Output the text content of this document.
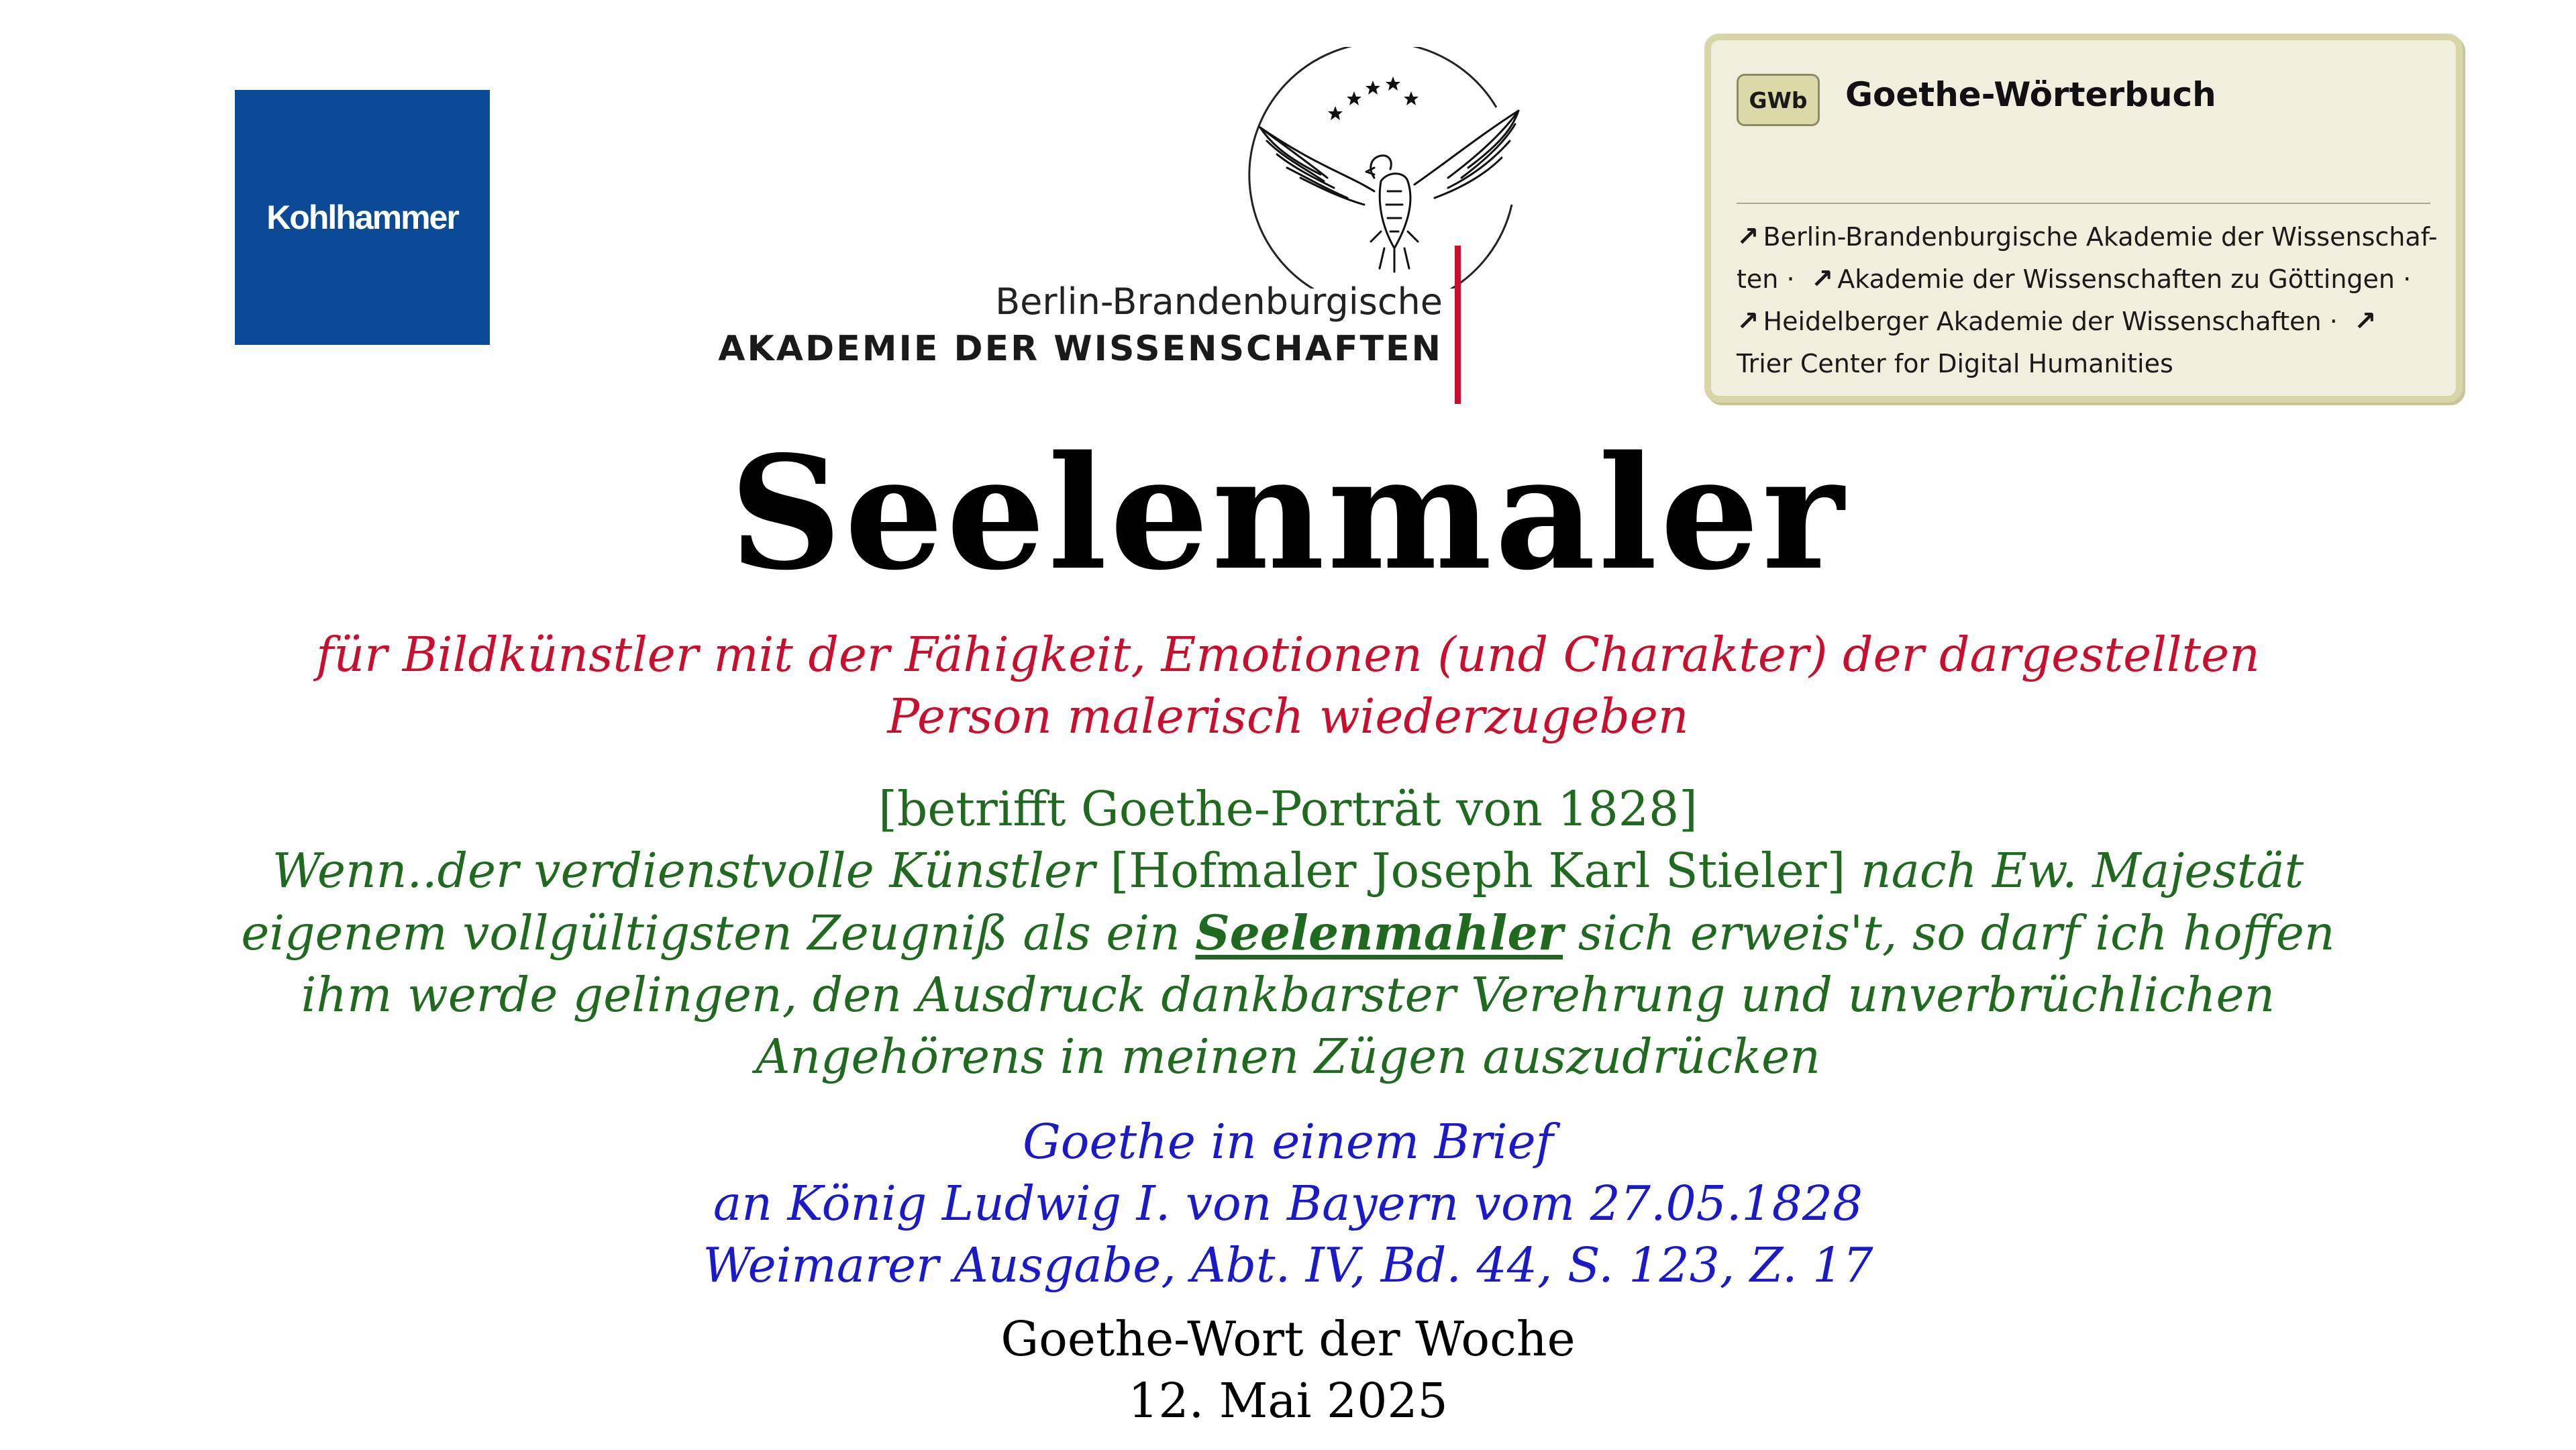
Kohlhammer
Berlin-Brandenburgische
AKADEMIE DER WISSENSCHAFTEN
GWb	Goethe-Wörterbuch
↗ Berlin-Brandenburgische Akademie der Wissenschaf-
ten · ↗ Akademie der Wissenschaften zu Göttingen ·
↗ Heidelberger Akademie der Wissenschaften · ↗
Trier Center for Digital Humanities
Seelenmaler
für Bildkünstler mit der Fähigkeit, Emotionen (und Charakter) der dargestellten Person malerisch wiederzugeben
[betrifft Goethe-Porträt von 1828]
Wenn..der verdienstvolle Künstler [Hofmaler Joseph Karl Stieler] nach Ew. Majestät eigenem vollgültigsten Zeugniß als ein Seelenmahler sich erweis't, so darf ich hoffen ihm werde gelingen, den Ausdruck dankbarster Verehrung und unverbrüchlichen Angehörens in meinen Zügen auszudrücken
Goethe in einem Brief
an König Ludwig I. von Bayern vom 27.05.1828
Weimarer Ausgabe, Abt. IV, Bd. 44, S. 123, Z. 17
Goethe-Wort der Woche
12. Mai 2025
